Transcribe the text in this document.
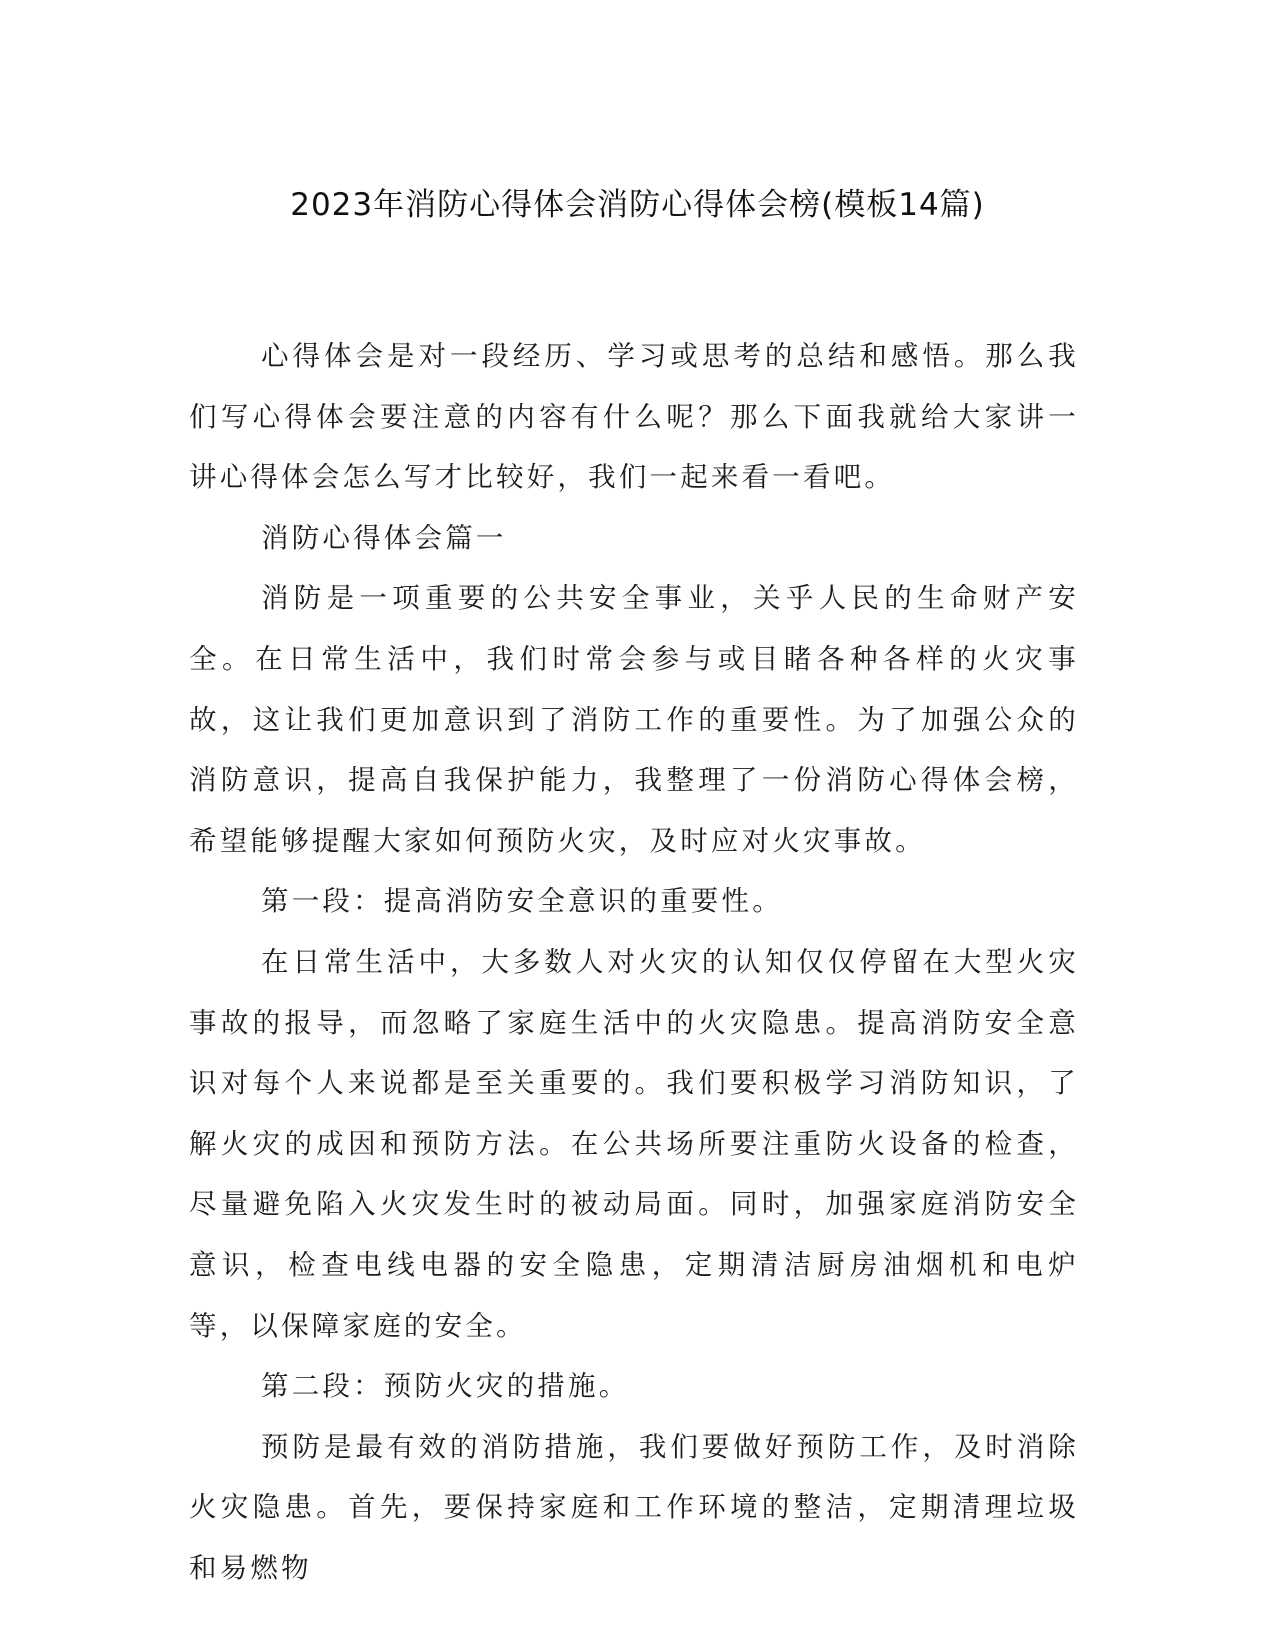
2023年消防心得体会消防心得体会榜(模板14篇)

心得体会是对一段经历、学习或思考的总结和感悟。那么我们写心得体会要注意的内容有什么呢？那么下面我就给大家讲一讲心得体会怎么写才比较好，我们一起来看一看吧。

消防心得体会篇一

消防是一项重要的公共安全事业，关乎人民的生命财产安全。在日常生活中，我们时常会参与或目睹各种各样的火灾事故，这让我们更加意识到了消防工作的重要性。为了加强公众的消防意识，提高自我保护能力，我整理了一份消防心得体会榜，希望能够提醒大家如何预防火灾，及时应对火灾事故。

第一段：提高消防安全意识的重要性。

在日常生活中，大多数人对火灾的认知仅仅停留在大型火灾事故的报导，而忽略了家庭生活中的火灾隐患。提高消防安全意识对每个人来说都是至关重要的。我们要积极学习消防知识，了解火灾的成因和预防方法。在公共场所要注重防火设备的检查，尽量避免陷入火灾发生时的被动局面。同时，加强家庭消防安全意识，检查电线电器的安全隐患，定期清洁厨房油烟机和电炉等，以保障家庭的安全。

第二段：预防火灾的措施。

预防是最有效的消防措施，我们要做好预防工作，及时消除火灾隐患。首先，要保持家庭和工作环境的整洁，定期清理垃圾和易燃物
